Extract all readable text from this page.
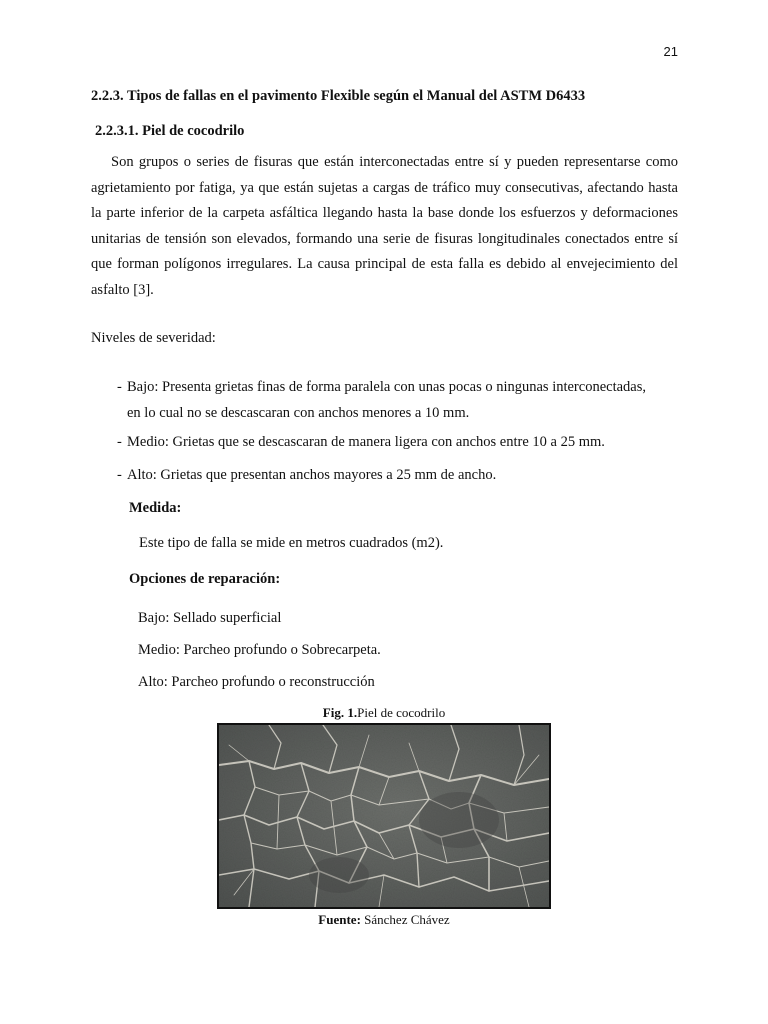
21
2.2.3. Tipos de fallas en el pavimento Flexible según el Manual del ASTM D6433
2.2.3.1. Piel de cocodrilo

Son grupos o series de fisuras que están interconectadas entre sí y pueden representarse como agrietamiento por fatiga, ya que están sujetas a cargas de tráfico muy consecutivas, afectando hasta la parte inferior de la carpeta asfáltica llegando hasta la base donde los esfuerzos y deformaciones unitarias de tensión son elevados, formando una serie de fisuras longitudinales conectados entre sí que forman polígonos irregulares. La causa principal de esta falla es debido al envejecimiento del asfalto [3].

Niveles de severidad:
- Bajo: Presenta grietas finas de forma paralela con unas pocas o ningunas interconectadas,
en lo cual no se descascaran con anchos menores a 10 mm.
- Medio: Grietas que se descascaran de manera ligera con anchos entre 10 a 25 mm.
- Alto: Grietas que presentan anchos mayores a 25 mm de ancho.
Medida:
Este tipo de falla se mide en metros cuadrados (m2).
Opciones de reparación:
Bajo: Sellado superficial
Medio: Parcheo profundo o Sobrecarpeta.
Alto: Parcheo profundo o reconstrucción
Fig. 1.Piel de cocodrilo
Fuente: Sánchez Chávez
